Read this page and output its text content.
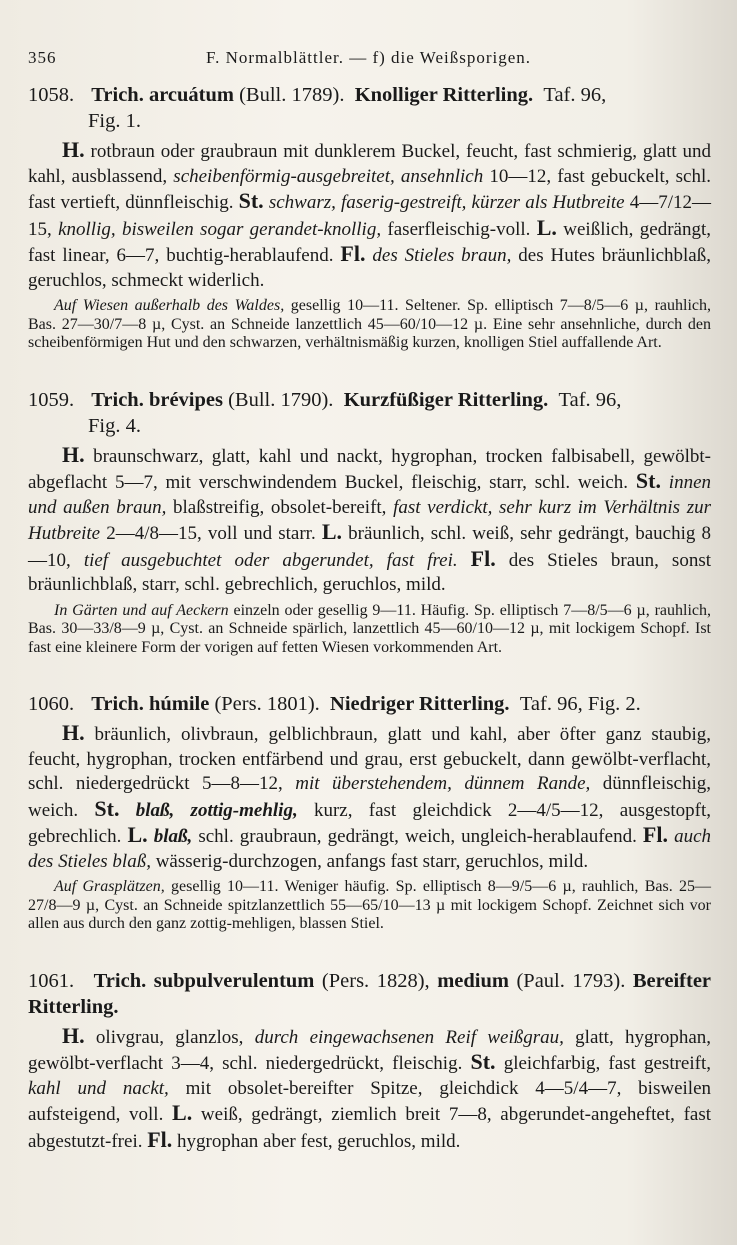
356	F. Normalblättler. — f) die Weißsporigen.
1058. Trich. arcuátum (Bull. 1789). Knolliger Ritterling. Taf. 96,
Fig. 1.
H. rotbraun oder graubraun mit dunklerem Buckel, feucht, fast schmierig, glatt und kahl, ausblassend, scheibenförmig-ausgebreitet, ansehnlich 10—12, fast gebuckelt, schl. fast vertieft, dünnfleischig. St. schwarz, faserig-gestreift, kürzer als Hutbreite 4—7/12—15, knollig, bisweilen sogar gerandet-knollig, faserfleischig-voll. L. weißlich, gedrängt, fast linear, 6—7, buchtig-herablaufend. Fl. des Stieles braun, des Hutes bräunlichblaß, geruchlos, schmeckt widerlich.
Auf Wiesen außerhalb des Waldes, gesellig 10—11. Seltener. Sp. elliptisch 7—8/5—6 µ, rauhlich, Bas. 27—30/7—8 µ, Cyst. an Schneide lanzettlich 45—60/10—12 µ. Eine sehr ansehnliche, durch den scheibenförmigen Hut und den schwarzen, verhältnismäßig kurzen, knolligen Stiel auffallende Art.
1059. Trich. brévipes (Bull. 1790). Kurzfüßiger Ritterling. Taf. 96,
Fig. 4.
H. braunschwarz, glatt, kahl und nackt, hygrophan, trocken falbisabell, gewölbt-abgeflacht 5—7, mit verschwindendem Buckel, fleischig, starr, schl. weich. St. innen und außen braun, blaßstreifig, obsolet-bereift, fast verdickt, sehr kurz im Verhältnis zur Hutbreite 2—4/8—15, voll und starr. L. bräunlich, schl. weiß, sehr gedrängt, bauchig 8—10, tief ausgebuchtet oder abgerundet, fast frei. Fl. des Stieles braun, sonst bräunlichblaß, starr, schl. gebrechlich, geruchlos, mild.
In Gärten und auf Aeckern einzeln oder gesellig 9—11. Häufig. Sp. elliptisch 7—8/5—6 µ, rauhlich, Bas. 30—33/8—9 µ, Cyst. an Schneide spärlich, lanzettlich 45—60/10—12 µ, mit lockigem Schopf. Ist fast eine kleinere Form der vorigen auf fetten Wiesen vorkommenden Art.
1060. Trich. húmile (Pers. 1801). Niedriger Ritterling. Taf. 96, Fig. 2.
H. bräunlich, olivbraun, gelblichbraun, glatt und kahl, aber öfter ganz staubig, feucht, hygrophan, trocken entfärbend und grau, erst gebuckelt, dann gewölbt-verflacht, schl. niedergedrückt 5—8—12, mit überstehendem, dünnem Rande, dünnfleischig, weich. St. blaß, zottig-mehlig, kurz, fast gleichdick 2—4/5—12, ausgestopft, gebrechlich. L. blaß, schl. graubraun, gedrängt, weich, ungleich-herablaufend. Fl. auch des Stieles blaß, wässerig-durchzogen, anfangs fast starr, geruchlos, mild.
Auf Grasplätzen, gesellig 10—11. Weniger häufig. Sp. elliptisch 8—9/5—6 µ, rauhlich, Bas. 25—27/8—9 µ, Cyst. an Schneide spitzlanzettlich 55—65/10—13 µ mit lockigem Schopf. Zeichnet sich vor allen aus durch den ganz zottig-mehligen, blassen Stiel.
1061. Trich. subpulverulentum (Pers. 1828), medium (Paul. 1793). Bereifter Ritterling.
H. olivgrau, glanzlos, durch eingewachsenen Reif weißgrau, glatt, hygrophan, gewölbt-verflacht 3—4, schl. niedergedrückt, fleischig. St. gleichfarbig, fast gestreift, kahl und nackt, mit obsolet-bereifter Spitze, gleichdick 4—5/4—7, bisweilen aufsteigend, voll. L. weiß, gedrängt, ziemlich breit 7—8, abgerundet-angeheftet, fast abgestutzt-frei. Fl. hygrophan aber fest, geruchlos, mild.
